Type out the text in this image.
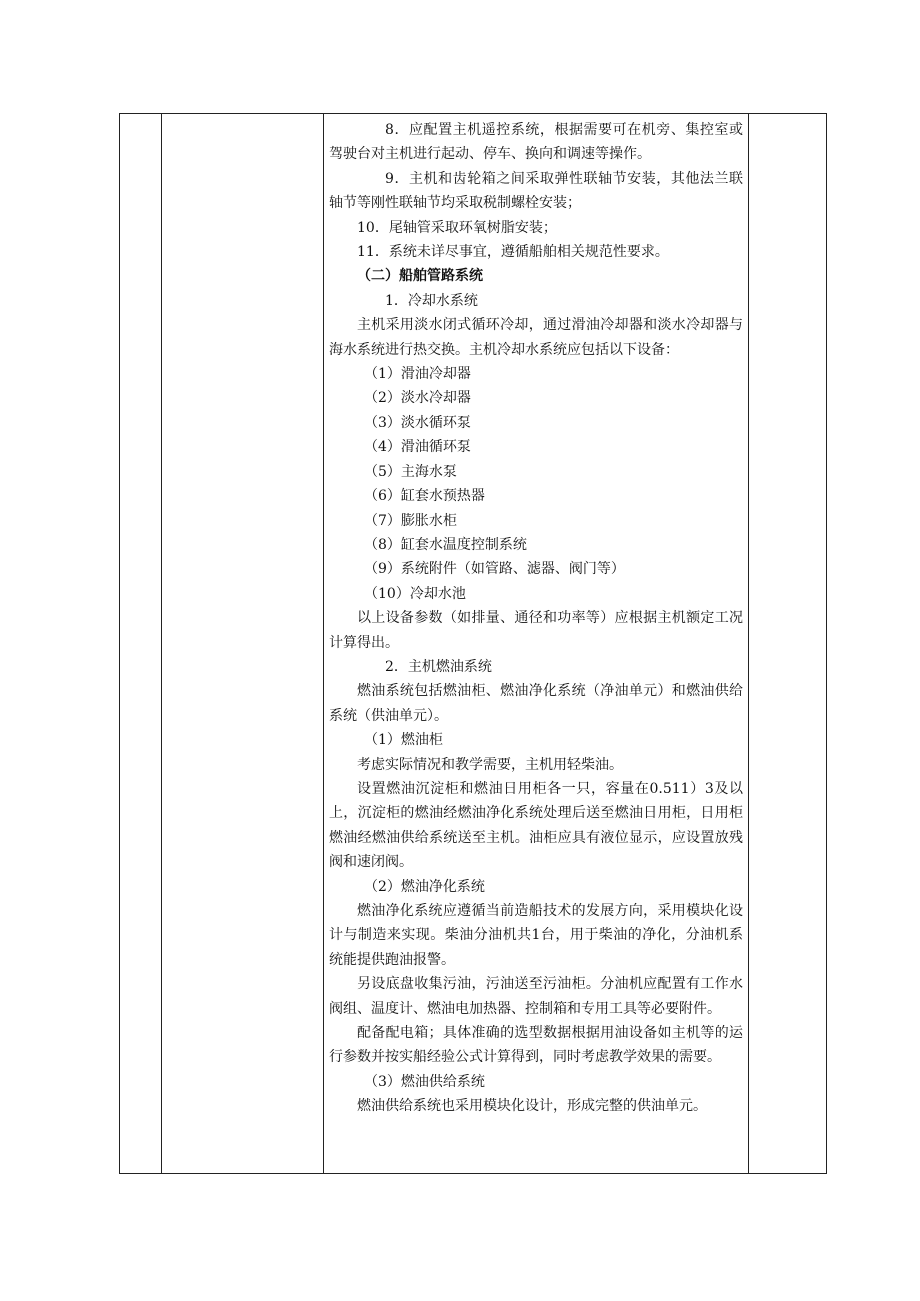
8．应配置主机遥控系统，根据需要可在机旁、集控室或驾驶台对主机进行起动、停车、换向和调速等操作。

9．主机和齿轮箱之间采取弹性联轴节安装，其他法兰联轴节等刚性联轴节均采取税制螺栓安装；

10．尾轴管采取环氧树脂安装；

11．系统未详尽事宜，遵循船舶相关规范性要求。

（二）船舶管路系统

1．冷却水系统

主机采用淡水闭式循环冷却，通过滑油冷却器和淡水冷却器与海水系统进行热交换。主机冷却水系统应包括以下设备：

（1）滑油冷却器

（2）淡水冷却器

（3）淡水循环泵

（4）滑油循环泵

（5）主海水泵

（6）缸套水预热器

（7）膨胀水柜

（8）缸套水温度控制系统

（9）系统附件（如管路、滤器、阀门等）

（10）冷却水池

以上设备参数（如排量、通径和功率等）应根据主机额定工况计算得出。

2．主机燃油系统

燃油系统包括燃油柜、燃油净化系统（净油单元）和燃油供给系统（供油单元）。

（1）燃油柜

考虑实际情况和教学需要，主机用轻柴油。

设置燃油沉淀柜和燃油日用柜各一只，容量在0.511）3及以上，沉淀柜的燃油经燃油净化系统处理后送至燃油日用柜，日用柜燃油经燃油供给系统送至主机。油柜应具有液位显示，应设置放残阀和速闭阀。

（2）燃油净化系统

燃油净化系统应遵循当前造船技术的发展方向，采用模块化设计与制造来实现。柴油分油机共1台，用于柴油的净化，分油机系统能提供跑油报警。

另设底盘收集污油，污油送至污油柜。分油机应配置有工作水阀组、温度计、燃油电加热器、控制箱和专用工具等必要附件。

配备配电箱；具体准确的选型数据根据用油设备如主机等的运行参数并按实船经验公式计算得到，同时考虑教学效果的需要。

（3）燃油供给系统

燃油供给系统也采用模块化设计，形成完整的供油单元。
